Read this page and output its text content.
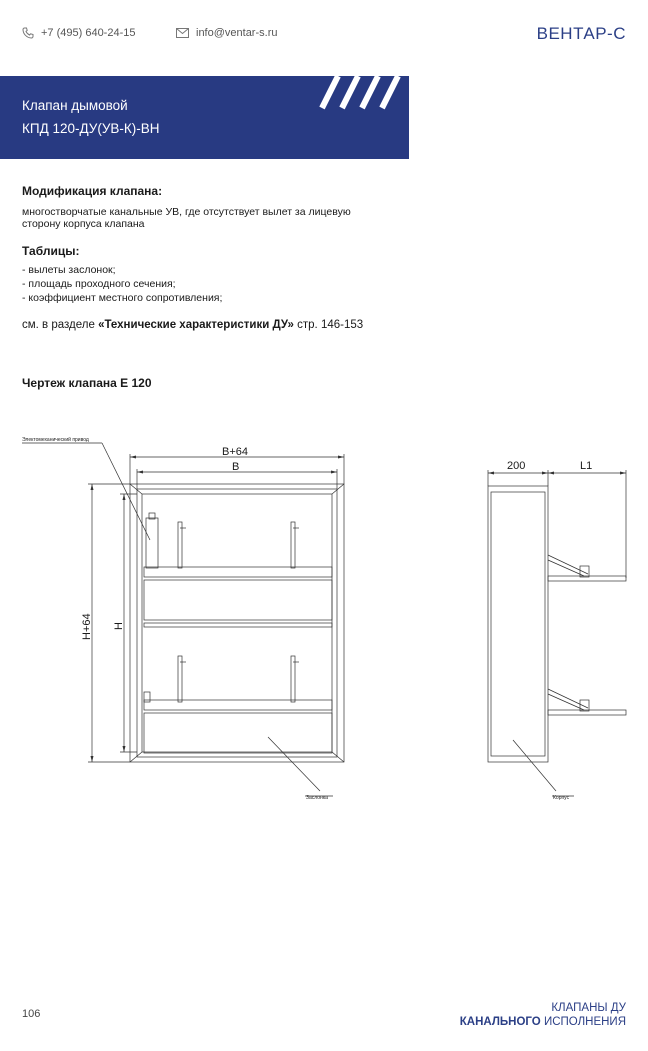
+7 (495) 640-24-15	info@ventar-s.ru	ВЕНТАР-С
Клапан дымовой
КПД 120-ДУ(УВ-К)-ВН
Модификация клапана:
многостворчатые канальные УВ, где отсутствует вылет за лицевую
сторону корпуса клапана
Таблицы:
- вылеты заслонок;
- площадь проходного сечения;
- коэффициент местного сопротивления;
см. в разделе «Технические характеристики ДУ» стр. 146-153
Чертеж клапана Е 120
Электомеханический привод
B+64
B
H+64 H
Заслонка
200	L1
Корпус
106	КЛАПАНЫ ДУ
КАНАЛЬНОГО ИСПОЛНЕНИЯ
